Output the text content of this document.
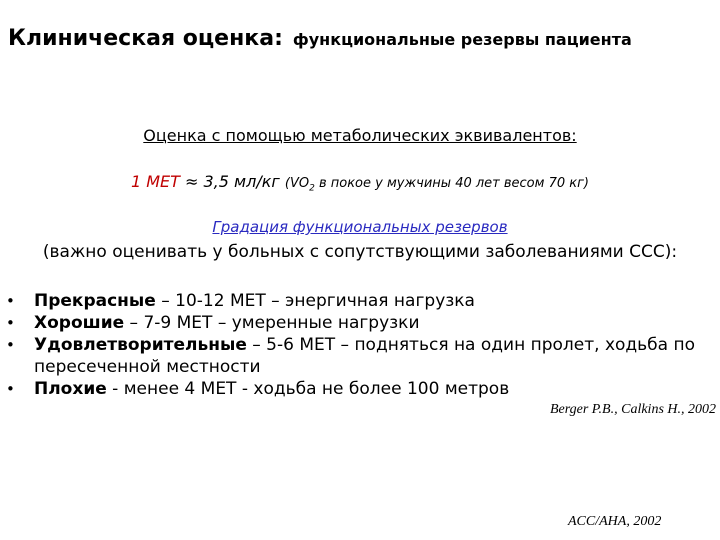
Клиническая оценка: функциональные резервы пациента
Оценка с помощью метаболических эквивалентов:
1 MET ≈ 3,5 мл/кг ($VO_2$ в покое у мужчины 40 лет весом 70 кг)
Градация функциональных резервов
(важно оценивать у больных с сопутствующими заболеваниями ССС):
• Прекрасные – 10-12 MET – энергичная нагрузка
• Хорошие – 7-9 MET – умеренные нагрузки
• Удовлетворительные – 5-6 MET – подняться на один пролет, ходьба по пересеченной местности
• Плохие - менее 4 MET - ходьба не более 100 метров
Berger P.B., Calkins H., 2002
ACC/AHA, 2002
